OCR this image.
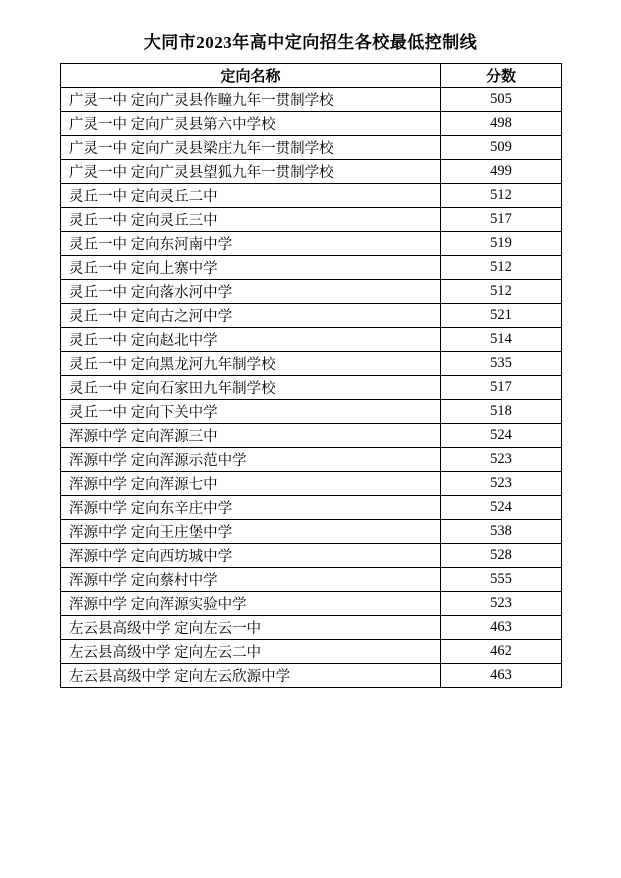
大同市2023年高中定向招生各校最低控制线
定向名称	分数
广灵一中 定向广灵县作疃九年一贯制学校	505
广灵一中 定向广灵县第六中学校	498
广灵一中 定向广灵县梁庄九年一贯制学校	509
广灵一中 定向广灵县望狐九年一贯制学校	499
灵丘一中 定向灵丘二中	512
灵丘一中 定向灵丘三中	517
灵丘一中 定向东河南中学	519
灵丘一中 定向上寨中学	512
灵丘一中 定向落水河中学	512
灵丘一中 定向古之河中学	521
灵丘一中 定向赵北中学	514
灵丘一中 定向黑龙河九年制学校	535
灵丘一中 定向石家田九年制学校	517
灵丘一中 定向下关中学	518
浑源中学 定向浑源三中	524
浑源中学 定向浑源示范中学	523
浑源中学 定向浑源七中	523
浑源中学 定向东辛庄中学	524
浑源中学 定向王庄堡中学	538
浑源中学 定向西坊城中学	528
浑源中学 定向蔡村中学	555
浑源中学 定向浑源实验中学	523
左云县高级中学 定向左云一中	463
左云县高级中学 定向左云二中	462
左云县高级中学 定向左云欣源中学	463
